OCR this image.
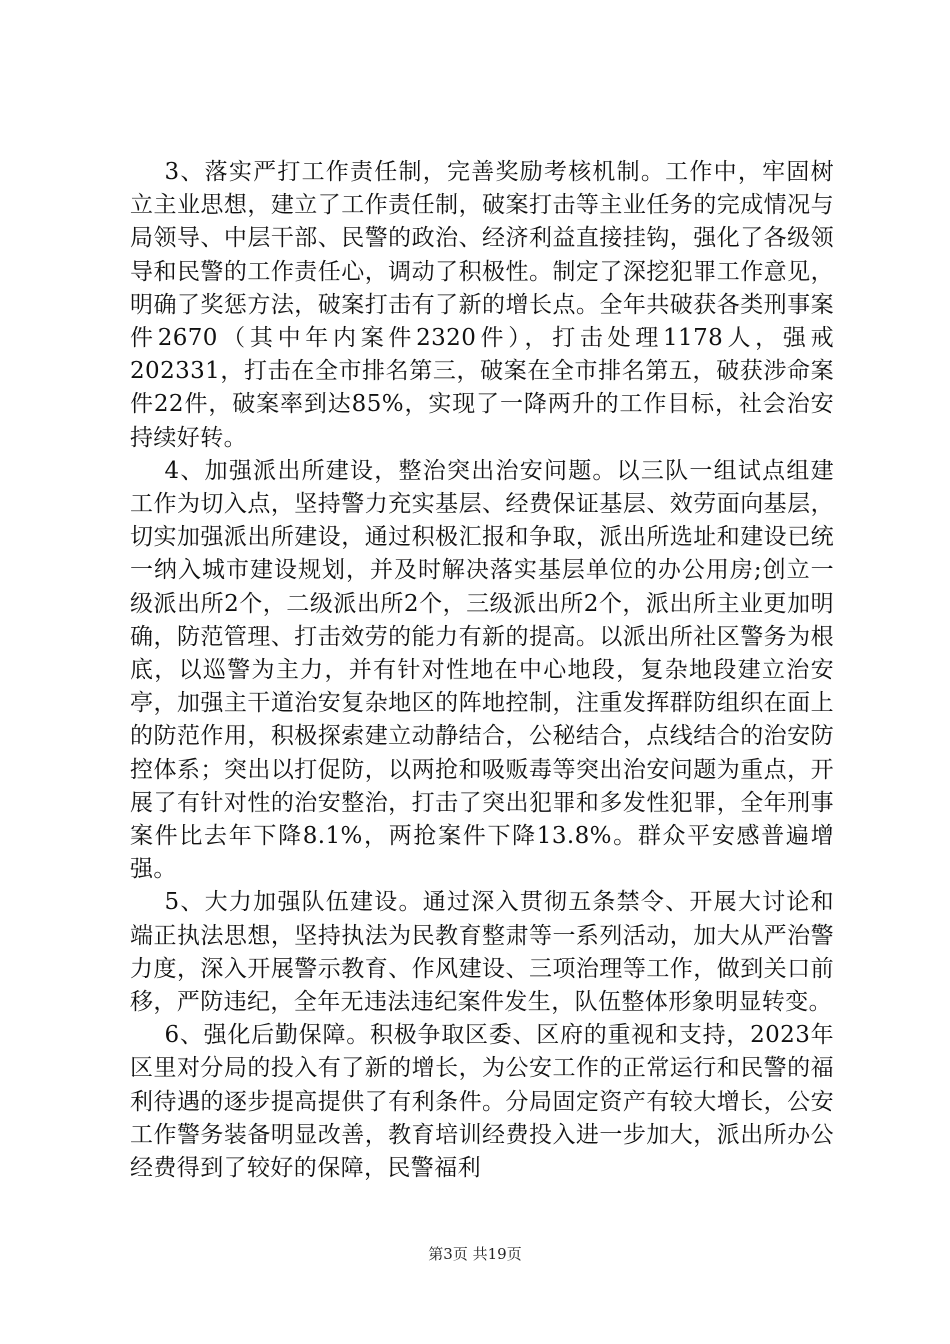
3、落实严打工作责任制，完善奖励考核机制。工作中，牢固树立主业思想，建立了工作责任制，破案打击等主业任务的完成情况与局领导、中层干部、民警的政治、经济利益直接挂钩，强化了各级领导和民警的工作责任心，调动了积极性。制定了深挖犯罪工作意见，明确了奖惩方法，破案打击有了新的增长点。全年共破获各类刑事案件2670（其中年内案件2320件），打击处理1178人，强戒202331，打击在全市排名第三，破案在全市排名第五，破获涉命案件22件，破案率到达85%，实现了一降两升的工作目标，社会治安持续好转。

4、加强派出所建设，整治突出治安问题。以三队一组试点组建工作为切入点，坚持警力充实基层、经费保证基层、效劳面向基层，切实加强派出所建设，通过积极汇报和争取，派出所选址和建设已统一纳入城市建设规划，并及时解决落实基层单位的办公用房;创立一级派出所2个，二级派出所2个，三级派出所2个，派出所主业更加明确，防范管理、打击效劳的能力有新的提高。以派出所社区警务为根底，以巡警为主力，并有针对性地在中心地段，复杂地段建立治安亭，加强主干道治安复杂地区的阵地控制，注重发挥群防组织在面上的防范作用，积极探索建立动静结合，公秘结合，点线结合的治安防控体系；突出以打促防，以两抢和吸贩毒等突出治安问题为重点，开展了有针对性的治安整治，打击了突出犯罪和多发性犯罪，全年刑事案件比去年下降8.1%，两抢案件下降13.8%。群众平安感普遍增强。

5、大力加强队伍建设。通过深入贯彻五条禁令、开展大讨论和端正执法思想，坚持执法为民教育整肃等一系列活动，加大从严治警力度，深入开展警示教育、作风建设、三项治理等工作，做到关口前移，严防违纪，全年无违法违纪案件发生，队伍整体形象明显转变。

6、强化后勤保障。积极争取区委、区府的重视和支持，2023年区里对分局的投入有了新的增长，为公安工作的正常运行和民警的福利待遇的逐步提高提供了有利条件。分局固定资产有较大增长，公安工作警务装备明显改善，教育培训经费投入进一步加大，派出所办公经费得到了较好的保障，民警福利

第3页 共19页
